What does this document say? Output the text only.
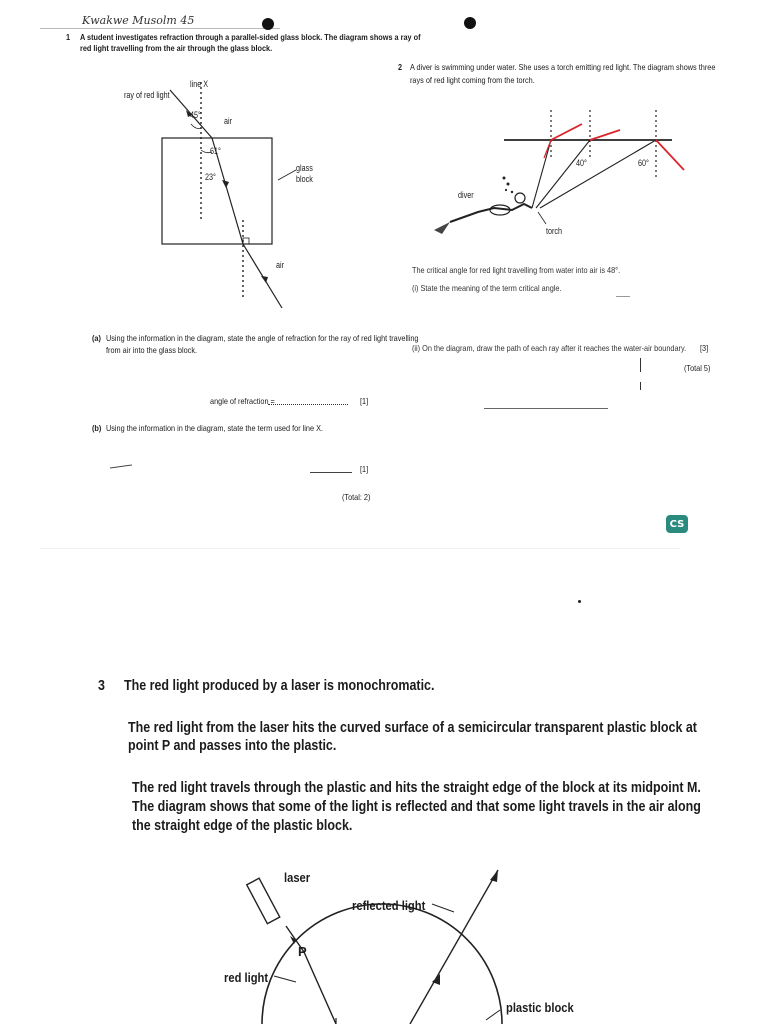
Kwakwe Musolm 45
1 A student investigates refraction through a parallel-sided glass block. The diagram shows a ray of
red light travelling from the air through the glass block.
ray of red light
line X
air
45°
61°
23°
glass
block
air
(a) Using the information in the diagram, state the angle of refraction for the ray of red light travelling
from air into the glass block.
angle of refraction =	[1]
(b) Using the information in the diagram, state the term used for line X.
[1]
(Total: 2)
2 A diver is swimming under water. She uses a torch emitting red light. The diagram shows three
rays of red light coming from the torch.
40°	60°
diver
torch
The critical angle for red light travelling from water into air is 48°.
(i) State the meaning of the term critical angle.
(ii) On the diagram, draw the path of each ray after it reaches the water-air boundary. [3]
(Total 5)
CS
3 The red light produced by a laser is monochromatic.
The red light from the laser hits the curved surface of a semicircular transparent plastic block at
point P and passes into the plastic.
The red light travels through the plastic and hits the straight edge of the block at its midpoint M.
The diagram shows that some of the light is reflected and that some light travels in the air along
the straight edge of the plastic block.
laser
reflected light
P
red light
plastic block
